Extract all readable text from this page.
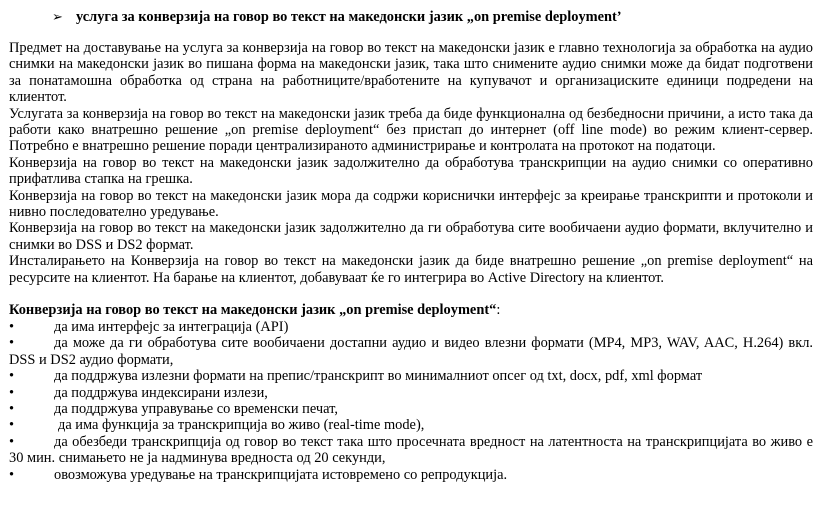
➢ услуга за конверзија на говор во текст на македонски јазик „on premise deployment’

Предмет на доставување на услуга за конверзија на говор во текст на македонски јазик е главно технологија за обработка на аудио снимки на македонски јазик во пишана форма на македонски јазик, така што снимените аудио снимки може да бидат подготвени за понатамошна обработка од страна на работниците/вработените на купувачот и организациските единици подредени на клиентот.

Услугата за конверзија на говор во текст на македонски јазик треба да биде функционална од безбедносни причини, а исто така да работи како внатрешно решение „on premise deployment“ без пристап до интернет (off line mode) во режим клиент-сервер. Потребно е внатрешно решение поради централизираното администрирање и контролата на протокот на податоци.

Конверзија на говор во текст на македонски јазик задолжително да обработува транскрипции на аудио снимки со оперативно прифатлива стапка на грешка.

Конверзија на говор во текст на македонски јазик мора да содржи кориснички интерфејс за креирање транскрипти и протоколи и нивно последователно уредување.

Конверзија на говор во текст на македонски јазик задолжително да ги обработува сите вообичаени аудио формати, вклучително и снимки во DSS и DS2 формат.

Инсталирањето на Конверзија на говор во текст на македонски јазик да биде внатрешно решение „on premise deployment“ на ресурсите на клиентот. На барање на клиентот, добавуваат ќе го интегрира во Active Directory на клиентот.

Конверзија на говор во текст на македонски јазик „on premise deployment“:

•	да има интерфејс за интеграција (API)

•	да може да ги обработува сите вообичаени достапни аудио и видео влезни формати (MP4, MP3, WAV, AAC, H.264) вкл. DSS и DS2 аудио формати,

•	да поддржува излезни формати на препис/транскрипт во минималниот опсег од txt, docx, pdf, xml формат

•	да поддржува индексирани излези,

•	да поддржува управување со временски печат,

•	да има функција за транскрипција во живо (real-time mode),

•	да обезбеди транскрипција од говор во текст така што просечната вредност на латентноста на транскрипцијата во живо е 30 мин. снимањето не ја надминува вредноста од 20 секунди,

•	овозможува уредување на транскрипцијата истовремено со репродукција.
